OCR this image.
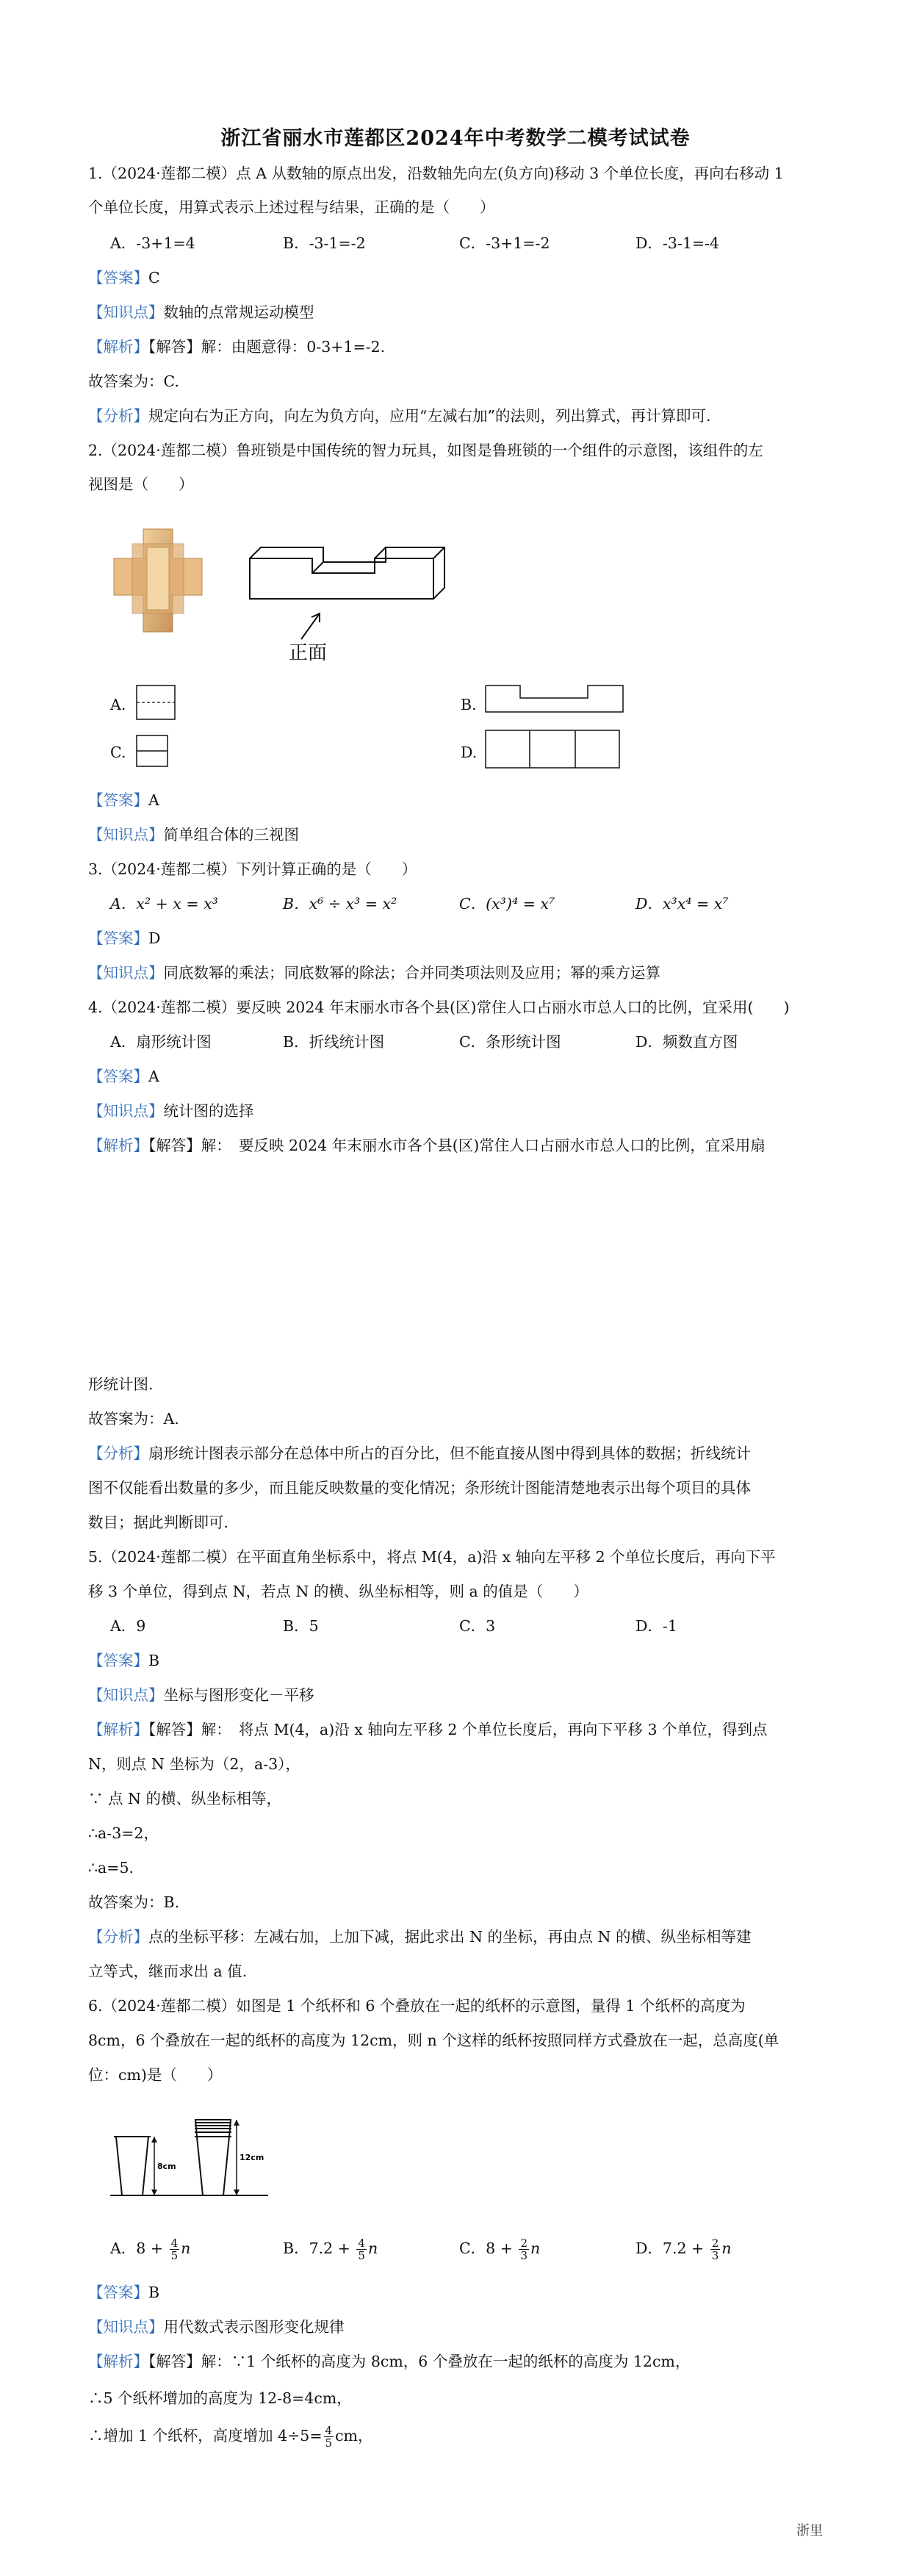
浙江省丽水市莲都区2024年中考数学二模考试试卷
1.（2024·莲都二模）点 A 从数轴的原点出发，沿数轴先向左(负方向)移动 3 个单位长度，再向右移动 1
个单位长度，用算式表示上述过程与结果，正确的是（　　）
A．-3+1=4	B．-3-1=-2	C．-3+1=-2	D．-3-1=-4
【答案】C
【知识点】数轴的点常规运动模型
【解析】【解答】解：由题意得：0-3+1=-2.
故答案为：C.
【分析】规定向右为正方向，向左为负方向，应用“左减右加”的法则，列出算式，再计算即可.
2.（2024·莲都二模）鲁班锁是中国传统的智力玩具，如图是鲁班锁的一个组件的示意图，该组件的左
视图是（　　）
正面
A.	B.
C.	D.
【答案】A
【知识点】简单组合体的三视图
3.（2024·莲都二模）下列计算正确的是（　　）
A．x² + x = x³	B．x⁶ ÷ x³ = x²	C．(x³)⁴ = x⁷	D．x³x⁴ = x⁷
【答案】D
【知识点】同底数幂的乘法；同底数幂的除法；合并同类项法则及应用；幂的乘方运算
4.（2024·莲都二模）要反映 2024 年末丽水市各个县(区)常住人口占丽水市总人口的比例，宜采用(　　)
A．扇形统计图	B．折线统计图	C．条形统计图	D．频数直方图
【答案】A
【知识点】统计图的选择
【解析】【解答】解：　要反映 2024 年末丽水市各个县(区)常住人口占丽水市总人口的比例，宜采用扇
形统计图.
故答案为：A.
【分析】扇形统计图表示部分在总体中所占的百分比，但不能直接从图中得到具体的数据；折线统计
图不仅能看出数量的多少，而且能反映数量的变化情况；条形统计图能清楚地表示出每个项目的具体
数目；据此判断即可.
5.（2024·莲都二模）在平面直角坐标系中，将点 M(4，a)沿 x 轴向左平移 2 个单位长度后，再向下平
移 3 个单位，得到点 N，若点 N 的横、纵坐标相等，则 a 的值是（　　）
A．9	B．5	C．3	D．-1
【答案】B
【知识点】坐标与图形变化－平移
【解析】【解答】解：　将点 M(4，a)沿 x 轴向左平移 2 个单位长度后，再向下平移 3 个单位，得到点
N，则点 N 坐标为（2，a-3），
∵ 点 N 的横、纵坐标相等，
∴a-3=2，
∴a=5.
故答案为：B.
【分析】点的坐标平移：左减右加，上加下减，据此求出 N 的坐标，再由点 N 的横、纵坐标相等建
立等式，继而求出 a 值.
6.（2024·莲都二模）如图是 1 个纸杯和 6 个叠放在一起的纸杯的示意图，量得 1 个纸杯的高度为
8cm，6 个叠放在一起的纸杯的高度为 12cm，则 n 个这样的纸杯按照同样方式叠放在一起，总高度(单
位：cm)是（　　）
8cm
12cm
A．$8 + \frac{4}{5}$ n	B．$7.2 + \frac{4}{5}$ n	C．$8 + \frac{2}{3}$ n	D．$7.2 + \frac{2}{3}$ n
【答案】B
【知识点】用代数式表示图形变化规律
【解析】【解答】解：∵1 个纸杯的高度为 8cm，6 个叠放在一起的纸杯的高度为 12cm，
∴5 个纸杯增加的高度为 12-8=4cm，
∴增加 1 个纸杯，高度增加 $4\div 5= \frac{4}{5}$ cm，
浙里
